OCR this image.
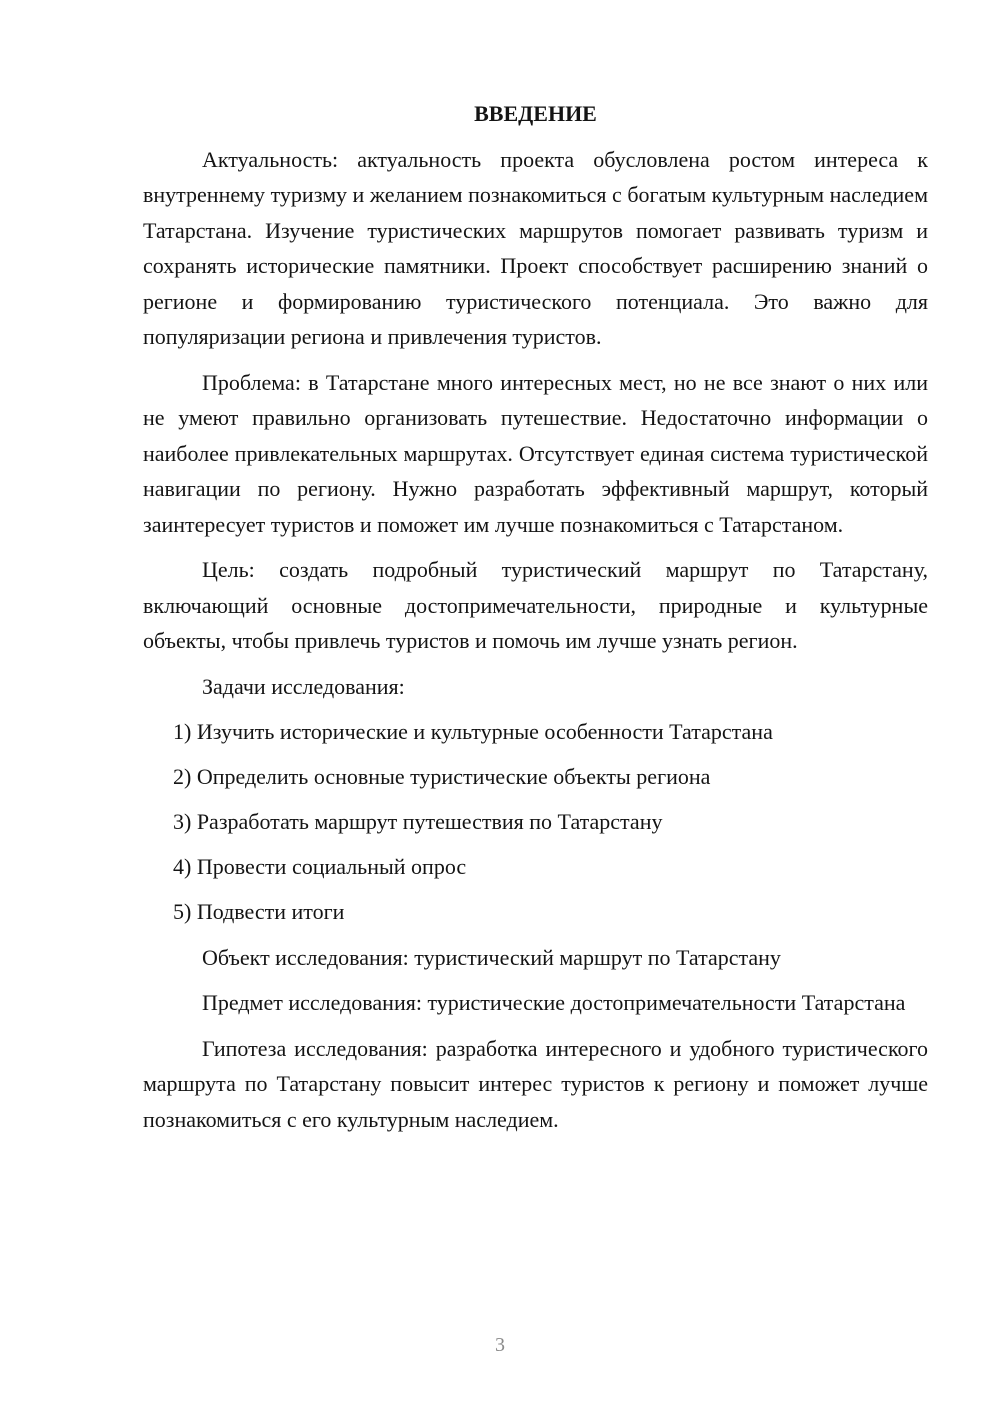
ВВЕДЕНИЕ

Актуальность: актуальность проекта обусловлена ростом интереса к внутреннему туризму и желанием познакомиться с богатым культурным наследием Татарстана. Изучение туристических маршрутов помогает развивать туризм и сохранять исторические памятники. Проект способствует расширению знаний о регионе и формированию туристического потенциала. Это важно для популяризации региона и привлечения туристов.

Проблема: в Татарстане много интересных мест, но не все знают о них или не умеют правильно организовать путешествие. Недостаточно информации о наиболее привлекательных маршрутах. Отсутствует единая система туристической навигации по региону. Нужно разработать эффективный маршрут, который заинтересует туристов и поможет им лучше познакомиться с Татарстаном.

Цель: создать подробный туристический маршрут по Татарстану, включающий основные достопримечательности, природные и культурные объекты, чтобы привлечь туристов и помочь им лучше узнать регион.

Задачи исследования:

1) Изучить исторические и культурные особенности Татарстана
2) Определить основные туристические объекты региона
3) Разработать маршрут путешествия по Татарстану
4) Провести социальный опрос
5) Подвести итоги

Объект исследования: туристический маршрут по Татарстану

Предмет исследования: туристические достопримечательности Татарстана

Гипотеза исследования: разработка интересного и удобного туристического маршрута по Татарстану повысит интерес туристов к региону и поможет лучше познакомиться с его культурным наследием.

3
